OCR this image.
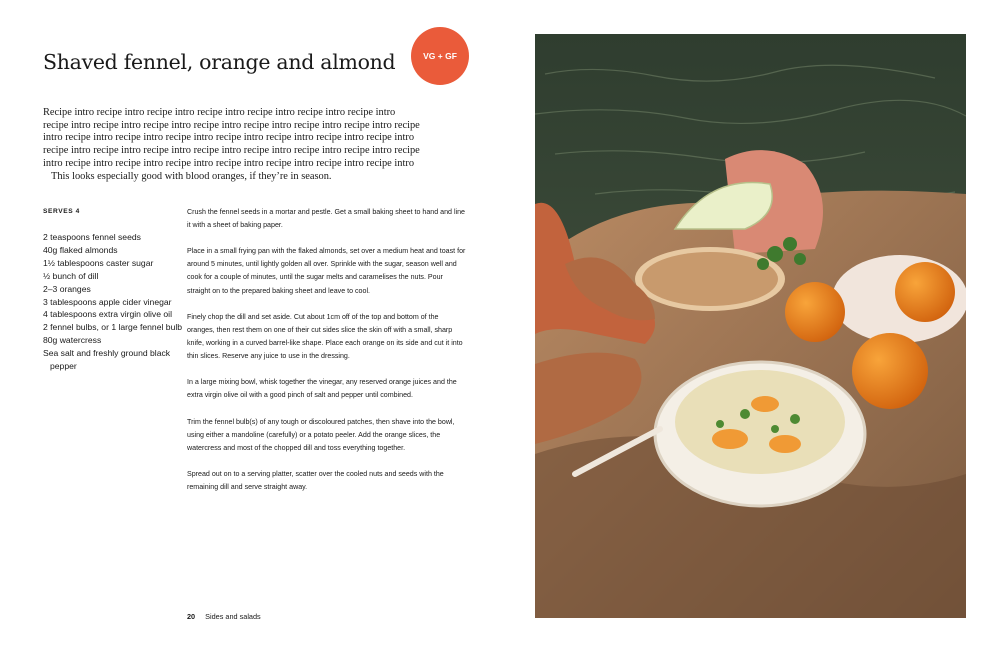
Shaved fennel, orange and almond	VG + GF

Recipe intro recipe intro recipe intro recipe intro recipe intro recipe intro recipe intro

recipe intro recipe intro recipe intro recipe intro recipe intro recipe intro recipe intro recipe

intro recipe intro recipe intro recipe intro recipe intro recipe intro recipe intro recipe intro

recipe intro recipe intro recipe intro recipe intro recipe intro recipe intro recipe intro recipe

intro recipe intro recipe intro recipe intro recipe intro recipe intro recipe intro recipe intro

This looks especially good with blood oranges, if they’re in season.

SERVES 4
2 teaspoons fennel seeds
40g flaked almonds
1½ tablespoons caster sugar
½ bunch of dill
2–3 oranges
3 tablespoons apple cider vinegar
4 tablespoons extra virgin olive oil
2 fennel bulbs, or 1 large fennel bulb
80g watercress
Sea salt and freshly ground black pepper

Crush the fennel seeds in a mortar and pestle. Get a small baking sheet to hand and line it with a sheet of baking paper.

Place in a small frying pan with the flaked almonds, set over a medium heat and toast for around 5 minutes, until lightly golden all over. Sprinkle with the sugar, season well and cook for a couple of minutes, until the sugar melts and caramelises the nuts. Pour straight on to the prepared baking sheet and leave to cool.

Finely chop the dill and set aside. Cut about 1cm off of the top and bottom of the oranges, then rest them on one of their cut sides slice the skin off with a small, sharp knife, working in a curved barrel-like shape. Place each orange on its side and cut it into thin slices. Reserve any juice to use in the dressing.

In a large mixing bowl, whisk together the vinegar, any reserved orange juices and the extra virgin olive oil with a good pinch of salt and pepper until combined.

Trim the fennel bulb(s) of any tough or discoloured patches, then shave into the bowl, using either a mandoline (carefully) or a potato peeler. Add the orange slices, the watercress and most of the chopped dill and toss everything together.

Spread out on to a serving platter, scatter over the cooled nuts and seeds with the remaining dill and serve straight away.

20 Sides and salads
